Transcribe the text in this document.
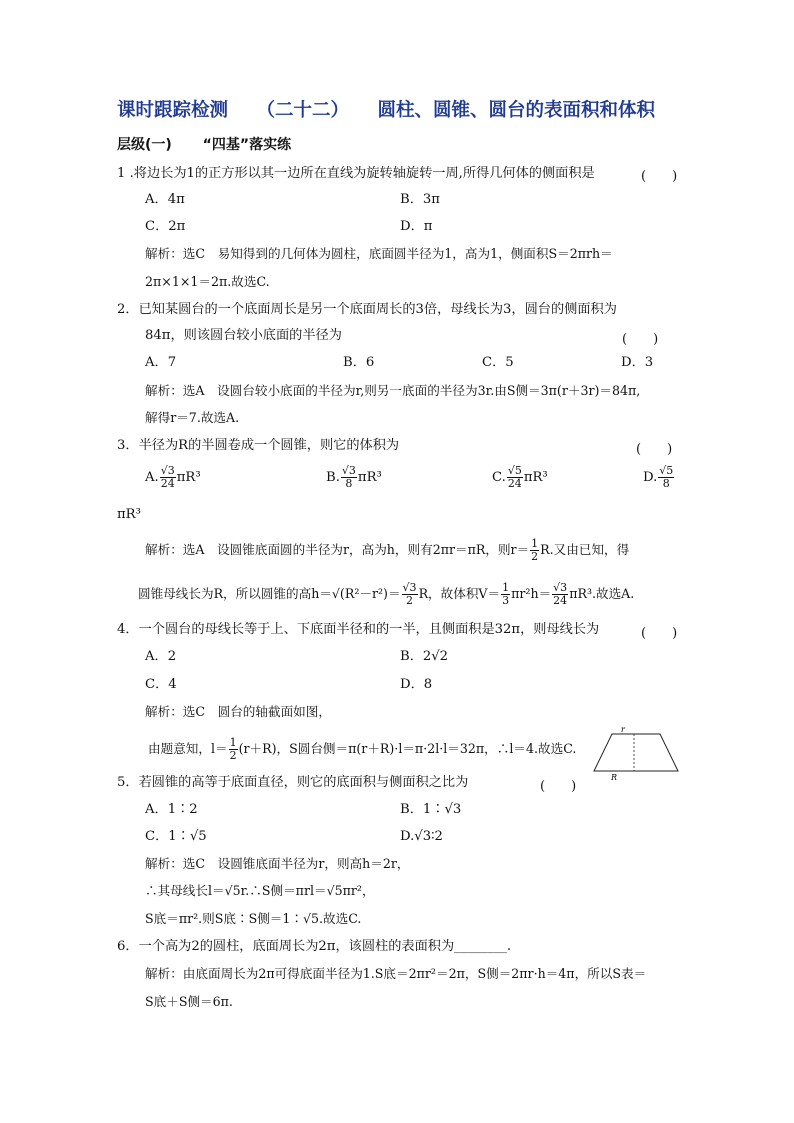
课时跟踪检测 （二十二） 圆柱、圆锥、圆台的表面积和体积
层级(一) “四基”落实练
1 .将边长为1的正方形以其一边所在直线为旋转轴旋转一周,所得几何体的侧面积是	(　　)
A．4π	B．3π
C．2π	D．π
解析：选C　易知得到的几何体为圆柱，底面圆半径为1，高为1，侧面积S＝2πrh＝
2π×1×1＝2π.故选C.
2．已知某圆台的一个底面周长是另一个底面周长的3倍，母线长为3，圆台的侧面积为
84π，则该圆台较小底面的半径为	(　　)
A．7	B．6	C．5	D．3
解析：选A　设圆台较小底面的半径为r,则另一底面的半径为3r.由S侧＝3π(r＋3r)＝84π,
解得r＝7.故选A.
3．半径为R的半圆卷成一个圆锥，则它的体积为	(　　)
A. $\frac{√3}{24} \pi R^3$	B. $\frac{√3}{8} \pi R^3$	C. $\frac{√5}{24} \pi R^3$	D. $\frac{√5}{8}$
πR³
解析：选A　设圆锥底面圆的半径为r，高为h，则有2πr＝πR，则$r= \frac{1}{2} R$.又由已知，得
圆锥母线长为R，所以圆锥的高$h=√(R^2-r^2)= \frac{√3}{2}$ R，故体积$V= \frac{1}{3} \pi r^2h= \frac{√3}{24} \pi R^3$.故选A.
4．一个圆台的母线长等于上、下底面半径和的一半，且侧面积是32π，则母线长为	(　　)
A．2	B．2√2
C．4	D．8
解析：选C　圆台的轴截面如图，
由题意知，$l= \frac{1}{2} (r+R)$，S圆台侧＝π(r＋R)·l＝π·2l·l＝32π，∴l＝4.故选C.
r
R
5．若圆锥的高等于底面直径，则它的底面积与侧面积之比为	(　　)
A．1∶2	B．1∶√3
C．1∶√5	D.√3∶2
解析：选C　设圆锥底面半径为r，则高h＝2r，
∴其母线长l＝√5r.∴S侧＝πrl＝√5πr²，
S底＝πr².则S底∶S侧＝1∶√5.故选C.
6．一个高为2的圆柱，底面周长为2π，该圆柱的表面积为________.
解析：由底面周长为2π可得底面半径为1.S底＝2πr²＝2π，S侧＝2πr·h＝4π，所以S表＝
S底＋S侧＝6π.
